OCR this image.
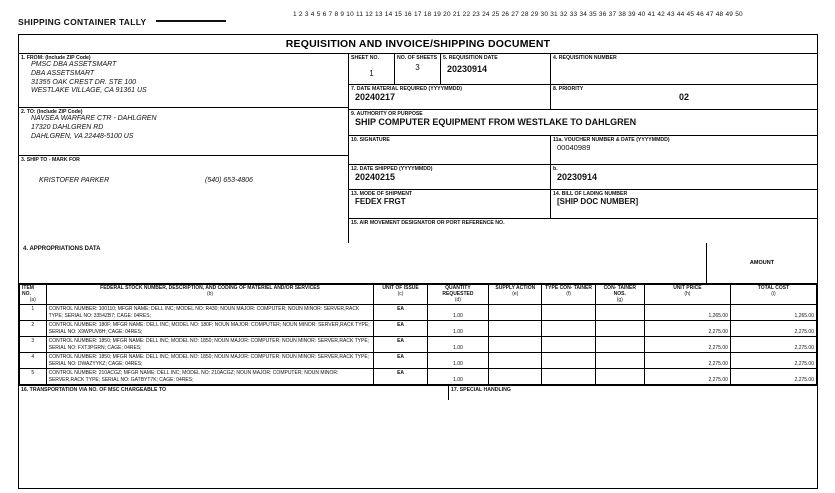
SHIPPING CONTAINER TALLY
1 2 3 4 5 6 7 8 9 10 11 12 13 14 15 16 17 18 19 20 21 22 23 24 25 26 27 28 29 30 31 32 33 34 35 36 37 38 39 40 41 42 43 44 45 46 47 48 49 50
REQUISITION AND INVOICE/SHIPPING DOCUMENT
1. FROM: (Include ZIP Code)
PMSC DBA ASSETSMART
DBA ASSETSMART
31355 OAK CREST DR. STE 100
WESTLAKE VILLAGE, CA 91361 US
2. TO: (Include ZIP Code)
NAVSEA WARFARE CTR - DAHLGREN
17320 DAHLGREN RD
DAHLGREN, VA 22448-5100 US
3. SHIP TO - MARK FOR
KRISTOFER PARKER	(540) 653-4806
SHEET NO.
1
NO. OF SHEETS
3
5. REQUISITION DATE
20230914
4. REQUISITION NUMBER
7. DATE MATERIAL REQUIRED (YYYYMMDD)
20240217
8. PRIORITY
02
9. AUTHORITY OR PURPOSE
SHIP COMPUTER EQUIPMENT FROM WESTLAKE TO DAHLGREN
10. SIGNATURE	11a. VOUCHER NUMBER & DATE (YYYYMMDD)
00040989
12. DATE SHIPPED (YYYYMMDD)
20240215
b.
20230914
13. MODE OF SHIPMENT
FEDEX FRGT
14. BILL OF LADING NUMBER
[SHIP DOC NUMBER]
15. AIR MOVEMENT DESIGNATOR OR PORT REFERENCE NO.
4. APPROPRIATIONS DATA
AMOUNT
ITEM NO.
(a)

FEDERAL STOCK NUMBER, DESCRIPTION, AND CODING OF MATERIEL AND/OR SERVICES
(b)

UNIT OF ISSUE
(c)

QUANTITY REQUESTED
(d)

SUPPLY ACTION
(e)

TYPE CON- TAINER
(f)

CON- TAINER NOS.
(g)

UNIT PRICE
(h)

TOTAL COST
(i)

1	CONTROL NUMBER: 100110; MFGR NAME: DELL INC; MODEL NO: R430; NOUN MAJOR: COMPUTER; NOUN MINOR: SERVER,RACK TYPE; SERIAL NO: 3354ZB7; CAGE: 04RES;	EA	1.00				1,265.00	1,265.00
2	CONTROL NUMBER: 180F; MFGR NAME: DELL INC; MODEL NO: 180F; NOUN MAJOR: COMPUTER; NOUN MINOR: SERVER,RACK TYPE; SERIAL NO: X9WPUV8H; CAGE: 04RES;	EA	1.00				2,275.00	2,275.00
3	CONTROL NUMBER: 1850; MFGR NAME: DELL INC; MODEL NO: 1850; NOUN MAJOR: COMPUTER; NOUN MINOR: SERVER,RACK TYPE; SERIAL NO: FXT3PGRN; CAGE: 04RES;	EA	1.00				2,275.00	2,275.00
4	CONTROL NUMBER: 1850; MFGR NAME: DELL INC; MODEL NO: 1850; NOUN MAJOR: COMPUTER; NOUN MINOR: SERVER,RACK TYPE; SERIAL NO: DWAZYYKZ; CAGE: 04RES;	EA	1.00				2,275.00	2,275.00
5	CONTROL NUMBER: 210ACGZ; MFGR NAME: DELL INC; MODEL NO: 210ACGZ; NOUN MAJOR: COMPUTER; NOUN MINOR: SERVER,RACK TYPE; SERIAL NO: GATBYT7K; CAGE: 04RES;	EA	1.00				2,275.00	2,275.00
16. TRANSPORTATION VIA NO. OF MSC CHARGEABLE TO	17. SPECIAL HANDLING
